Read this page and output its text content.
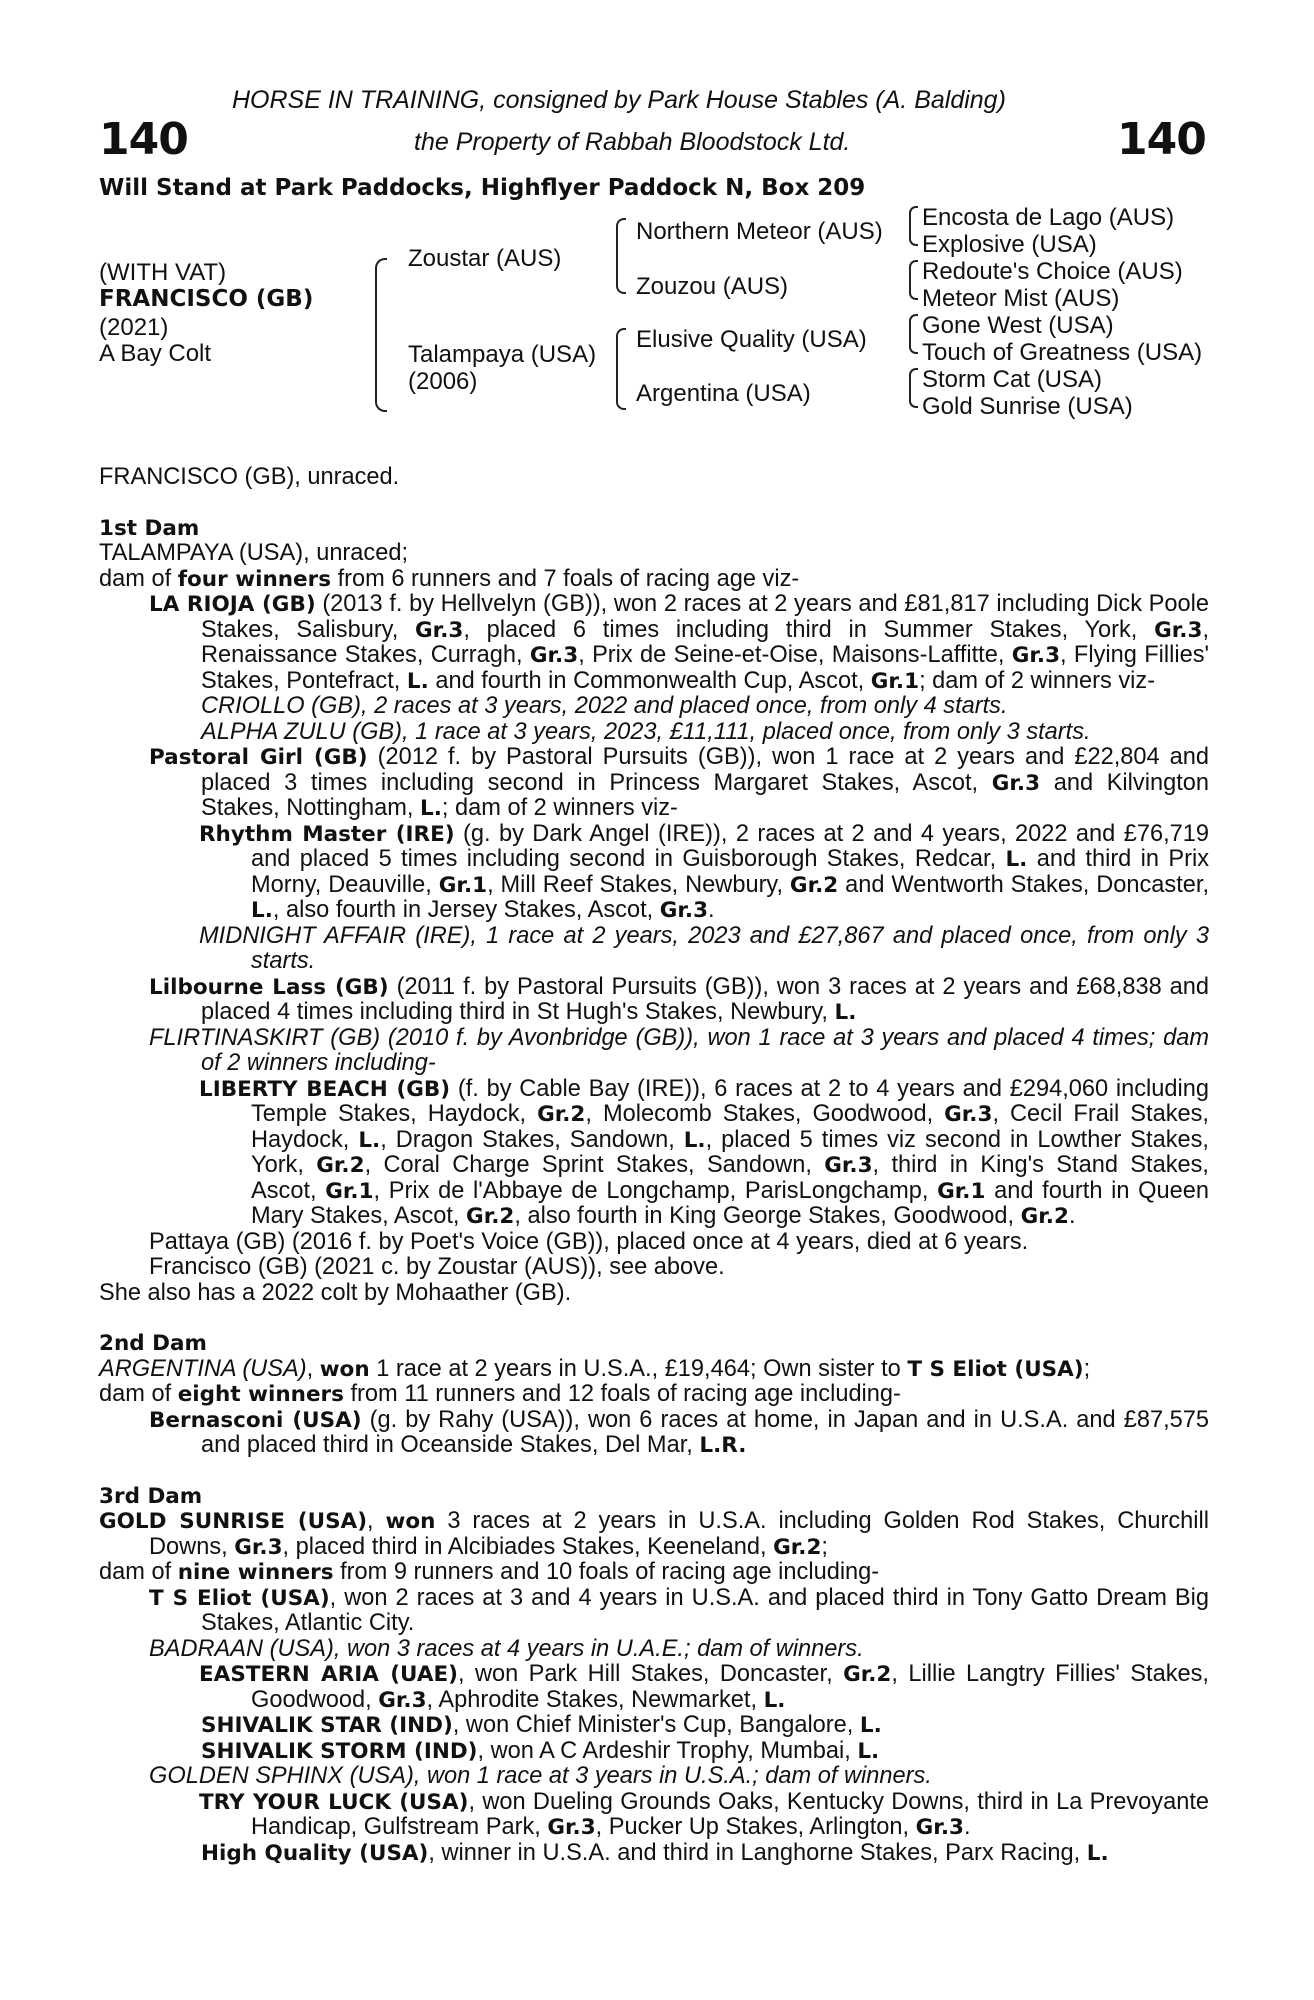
140	140
HORSE IN TRAINING, consigned by Park House Stables (A. Balding)
the Property of Rabbah Bloodstock Ltd.
Will Stand at Park Paddocks, Highflyer Paddock N, Box 209
(WITH VAT)
FRANCISCO (GB)
(2021)
A Bay Colt
Zoustar (AUS)
Talampaya (USA)
(2006)
Northern Meteor (AUS)
Zouzou (AUS)
Elusive Quality (USA)
Argentina (USA)
Encosta de Lago (AUS)
Explosive (USA)
Redoute's Choice (AUS)
Meteor Mist (AUS)
Gone West (USA)
Touch of Greatness (USA)
Storm Cat (USA)
Gold Sunrise (USA)

FRANCISCO (GB), unraced.

1st Dam

TALAMPAYA (USA), unraced;

dam of four winners from 6 runners and 7 foals of racing age viz-

LA RIOJA (GB) (2013 f. by Hellvelyn (GB)), won 2 races at 2 years and £81,817 including Dick Poole Stakes, Salisbury, Gr.3, placed 6 times including third in Summer Stakes, York, Gr.3, Renaissance Stakes, Curragh, Gr.3, Prix de Seine-et-Oise, Maisons-Laffitte, Gr.3, Flying Fillies' Stakes, Pontefract, L. and fourth in Commonwealth Cup, Ascot, Gr.1; dam of 2 winners viz-

CRIOLLO (GB), 2 races at 3 years, 2022 and placed once, from only 4 starts.

ALPHA ZULU (GB), 1 race at 3 years, 2023, £11,111, placed once, from only 3 starts.

Pastoral Girl (GB) (2012 f. by Pastoral Pursuits (GB)), won 1 race at 2 years and £22,804 and placed 3 times including second in Princess Margaret Stakes, Ascot, Gr.3 and Kilvington Stakes, Nottingham, L.; dam of 2 winners viz-

Rhythm Master (IRE) (g. by Dark Angel (IRE)), 2 races at 2 and 4 years, 2022 and £76,719 and placed 5 times including second in Guisborough Stakes, Redcar, L. and third in Prix Morny, Deauville, Gr.1, Mill Reef Stakes, Newbury, Gr.2 and Wentworth Stakes, Doncaster, L., also fourth in Jersey Stakes, Ascot, Gr.3.

MIDNIGHT AFFAIR (IRE), 1 race at 2 years, 2023 and £27,867 and placed once, from only 3 starts.

Lilbourne Lass (GB) (2011 f. by Pastoral Pursuits (GB)), won 3 races at 2 years and £68,838 and placed 4 times including third in St Hugh's Stakes, Newbury, L.

FLIRTINASKIRT (GB) (2010 f. by Avonbridge (GB)), won 1 race at 3 years and placed 4 times; dam of 2 winners including-

LIBERTY BEACH (GB) (f. by Cable Bay (IRE)), 6 races at 2 to 4 years and £294,060 including Temple Stakes, Haydock, Gr.2, Molecomb Stakes, Goodwood, Gr.3, Cecil Frail Stakes, Haydock, L., Dragon Stakes, Sandown, L., placed 5 times viz second in Lowther Stakes, York, Gr.2, Coral Charge Sprint Stakes, Sandown, Gr.3, third in King's Stand Stakes, Ascot, Gr.1, Prix de l'Abbaye de Longchamp, ParisLongchamp, Gr.1 and fourth in Queen Mary Stakes, Ascot, Gr.2, also fourth in King George Stakes, Goodwood, Gr.2.

Pattaya (GB) (2016 f. by Poet's Voice (GB)), placed once at 4 years, died at 6 years.

Francisco (GB) (2021 c. by Zoustar (AUS)), see above.

She also has a 2022 colt by Mohaather (GB).

2nd Dam

ARGENTINA (USA), won 1 race at 2 years in U.S.A., £19,464; Own sister to T S Eliot (USA);

dam of eight winners from 11 runners and 12 foals of racing age including-

Bernasconi (USA) (g. by Rahy (USA)), won 6 races at home, in Japan and in U.S.A. and £87,575 and placed third in Oceanside Stakes, Del Mar, L.R.

3rd Dam

GOLD SUNRISE (USA), won 3 races at 2 years in U.S.A. including Golden Rod Stakes, Churchill Downs, Gr.3, placed third in Alcibiades Stakes, Keeneland, Gr.2;

dam of nine winners from 9 runners and 10 foals of racing age including-

T S Eliot (USA), won 2 races at 3 and 4 years in U.S.A. and placed third in Tony Gatto Dream Big Stakes, Atlantic City.

BADRAAN (USA), won 3 races at 4 years in U.A.E.; dam of winners.

EASTERN ARIA (UAE), won Park Hill Stakes, Doncaster, Gr.2, Lillie Langtry Fillies' Stakes, Goodwood, Gr.3, Aphrodite Stakes, Newmarket, L.

SHIVALIK STAR (IND), won Chief Minister's Cup, Bangalore, L.

SHIVALIK STORM (IND), won A C Ardeshir Trophy, Mumbai, L.

GOLDEN SPHINX (USA), won 1 race at 3 years in U.S.A.; dam of winners.

TRY YOUR LUCK (USA), won Dueling Grounds Oaks, Kentucky Downs, third in La Prevoyante Handicap, Gulfstream Park, Gr.3, Pucker Up Stakes, Arlington, Gr.3.

High Quality (USA), winner in U.S.A. and third in Langhorne Stakes, Parx Racing, L.
